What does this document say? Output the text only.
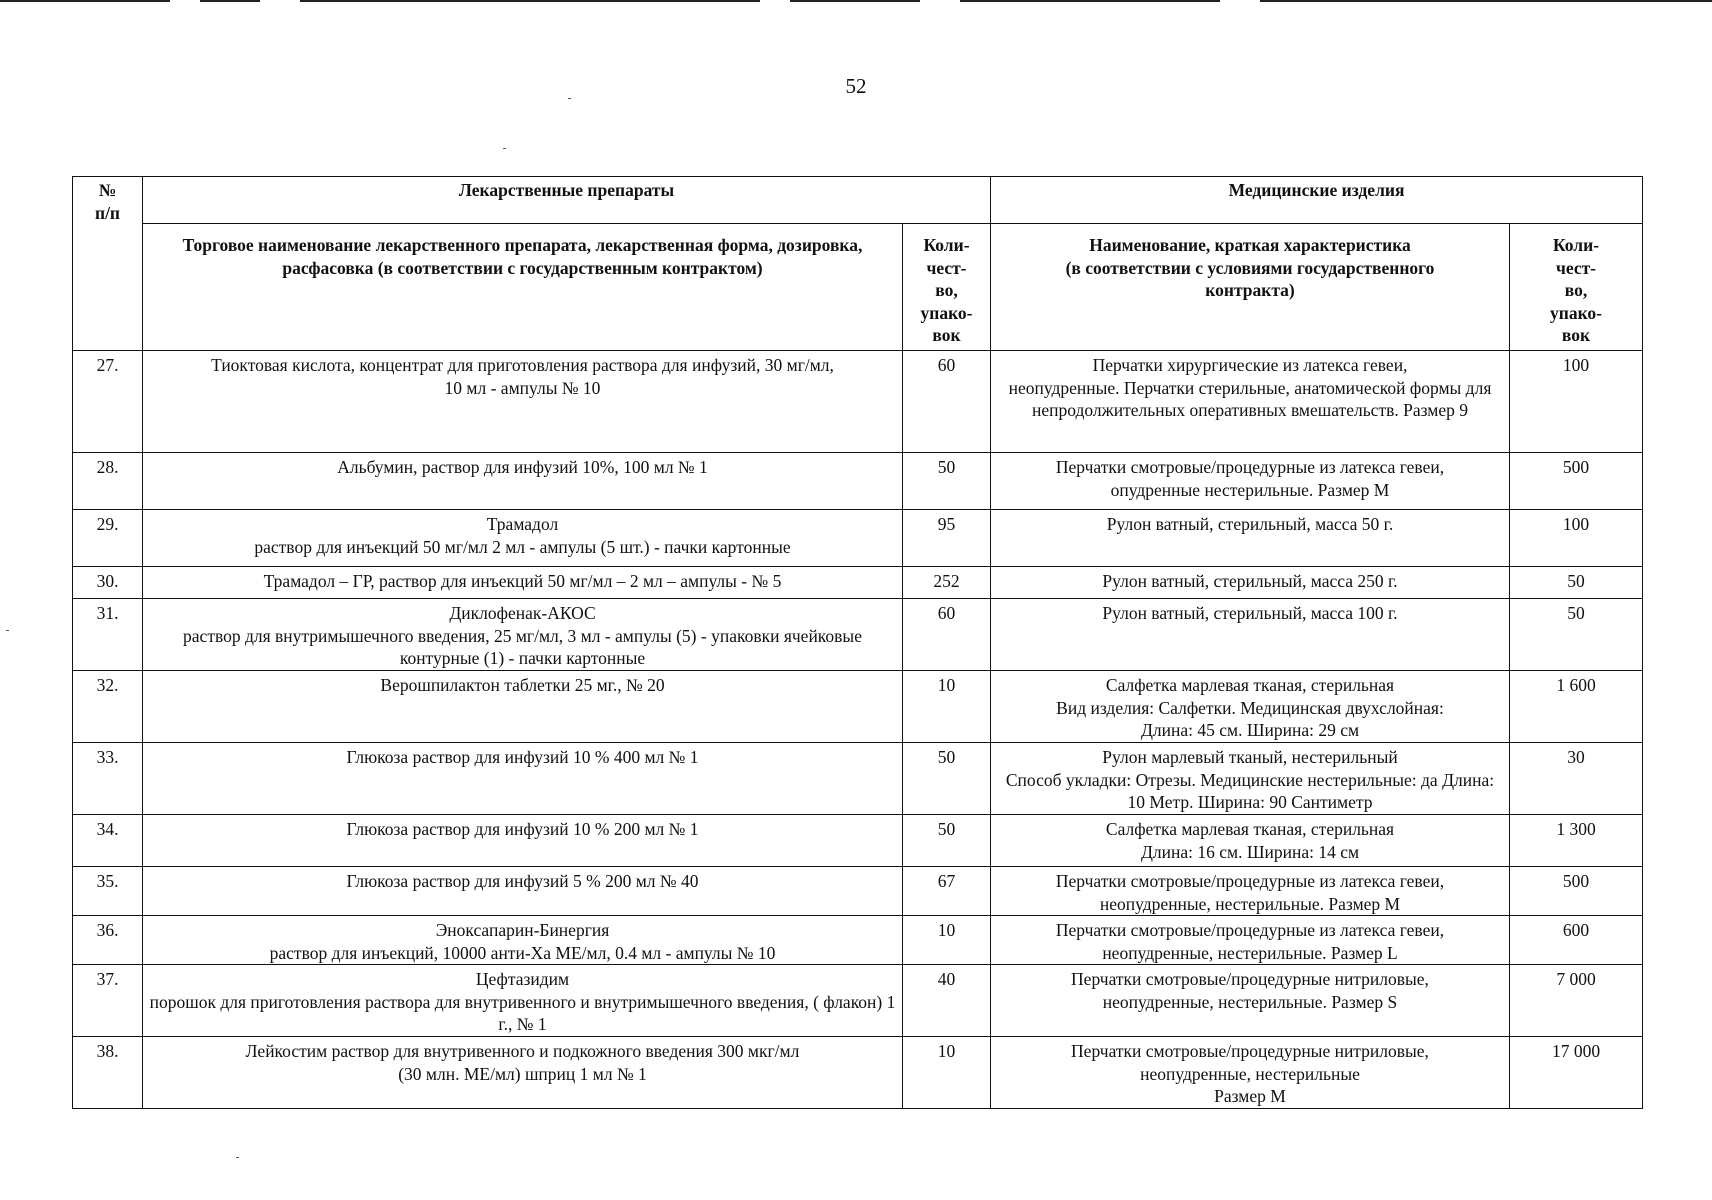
52
№
п/п	Лекарственные препараты		Медицинские изделия	
	Торговое наименование лекарственного препарата, лекарственная форма, дозировка, расфасовка (в соответствии с государственным контрактом)	Коли-
чест-
во,
упако-
вок	Наименование, краткая характеристика
(в соответствии с условиями государственного контракта)	Коли-
чест-
во,
упако-
вок
27.	Тиоктовая кислота, концентрат для приготовления раствора для инфузий, 30 мг/мл,
10 мл - ампулы № 10	60	Перчатки хирургические из латекса гевеи,
неопудренные. Перчатки стерильные, анатомической формы для непродолжительных оперативных вмешательств. Размер 9	100
28.	Альбумин, раствор для инфузий 10%, 100 мл № 1	50	Перчатки смотровые/процедурные из латекса гевеи,
опудренные нестерильные. Размер М	500
29.	Трамадол
раствор для инъекций 50 мг/мл 2 мл - ампулы (5 шт.) - пачки картонные	95	Рулон ватный, стерильный, масса 50 г.	100
30.	Трамадол – ГР, раствор для инъекций 50 мг/мл – 2 мл – ампулы - № 5	252	Рулон ватный, стерильный, масса 250 г.	50
31.	Диклофенак-АКОС
раствор для внутримышечного введения, 25 мг/мл, 3 мл - ампулы (5) - упаковки ячейковые контурные (1) - пачки картонные	60	Рулон ватный, стерильный, масса 100 г.	50
32.	Верошпилактон таблетки 25 мг., № 20	10	Салфетка марлевая тканая, стерильная
Вид изделия: Салфетки. Медицинская двухслойная:
Длина: 45 см. Ширина: 29 см	1 600
33.	Глюкоза раствор для инфузий 10 % 400 мл № 1	50	Рулон марлевый тканый, нестерильный
Способ укладки: Отрезы. Медицинские нестерильные: да Длина: 10 Метр. Ширина: 90 Сантиметр	30
34.	Глюкоза раствор для инфузий 10 % 200 мл № 1	50	Салфетка марлевая тканая, стерильная
Длина: 16 см. Ширина: 14 см	1 300
35.	Глюкоза раствор для инфузий 5 % 200 мл № 40	67	Перчатки смотровые/процедурные из латекса гевеи,
неопудренные, нестерильные. Размер М	500
36.	Эноксапарин-Бинергия
раствор для инъекций, 10000 анти-Ха МЕ/мл, 0.4 мл - ампулы № 10	10	Перчатки смотровые/процедурные из латекса гевеи,
неопудренные, нестерильные. Размер L	600
37.	Цефтазидим
порошок для приготовления раствора для внутривенного и внутримышечного введения, ( флакон) 1 г., № 1	40	Перчатки смотровые/процедурные нитриловые,
неопудренные, нестерильные. Размер S	7 000
38.	Лейкостим раствор для внутривенного и подкожного введения 300 мкг/мл
(30 млн. МЕ/мл) шприц 1 мл № 1	10	Перчатки смотровые/процедурные нитриловые,
неопудренные, нестерильные
Размер М	17 000
